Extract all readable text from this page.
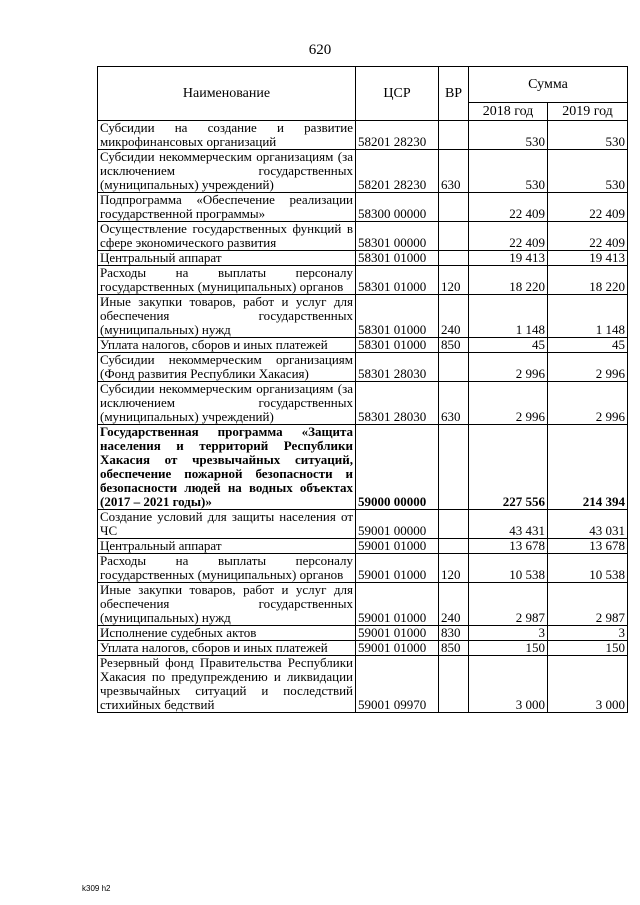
620
Наименование	ЦСР	ВР	Сумма	
			2018 год	2019 год
Субсидии на создание и развитие микрофинансовых организаций	58201 28230		530	530
Субсидии некоммерческим организациям (за исключением государственных (муниципальных) учреждений)	58201 28230	630	530	530
Подпрограмма «Обеспечение реализации государственной программы»	58300 00000		22 409	22 409
Осуществление государственных функций в сфере экономического развития	58301 00000		22 409	22 409
Центральный аппарат	58301 01000		19 413	19 413
Расходы на выплаты персоналу государственных (муниципальных) органов	58301 01000	120	18 220	18 220
Иные закупки товаров, работ и услуг для обеспечения государственных (муниципальных) нужд	58301 01000	240	1 148	1 148
Уплата налогов, сборов и иных платежей	58301 01000	850	45	45
Субсидии некоммерческим организациям (Фонд развития Республики Хакасия)	58301 28030		2 996	2 996
Субсидии некоммерческим организациям (за исключением государственных (муниципальных) учреждений)	58301 28030	630	2 996	2 996
Государственная программа «Защита населения и территорий Республики Хакасия от чрезвычайных ситуаций, обеспечение пожарной безопасности и безопасности людей на водных объектах (2017 – 2021 годы)»	59000 00000		227 556	214 394
Создание условий для защиты населения от ЧС	59001 00000		43 431	43 031
Центральный аппарат	59001 01000		13 678	13 678
Расходы на выплаты персоналу государственных (муниципальных) органов	59001 01000	120	10 538	10 538
Иные закупки товаров, работ и услуг для обеспечения государственных (муниципальных) нужд	59001 01000	240	2 987	2 987
Исполнение судебных актов	59001 01000	830	3	3
Уплата налогов, сборов и иных платежей	59001 01000	850	150	150
Резервный фонд Правительства Республики Хакасия по предупреждению и ликвидации чрезвычайных ситуаций и последствий стихийных бедствий	59001 09970		3 000	3 000
k309 h2
